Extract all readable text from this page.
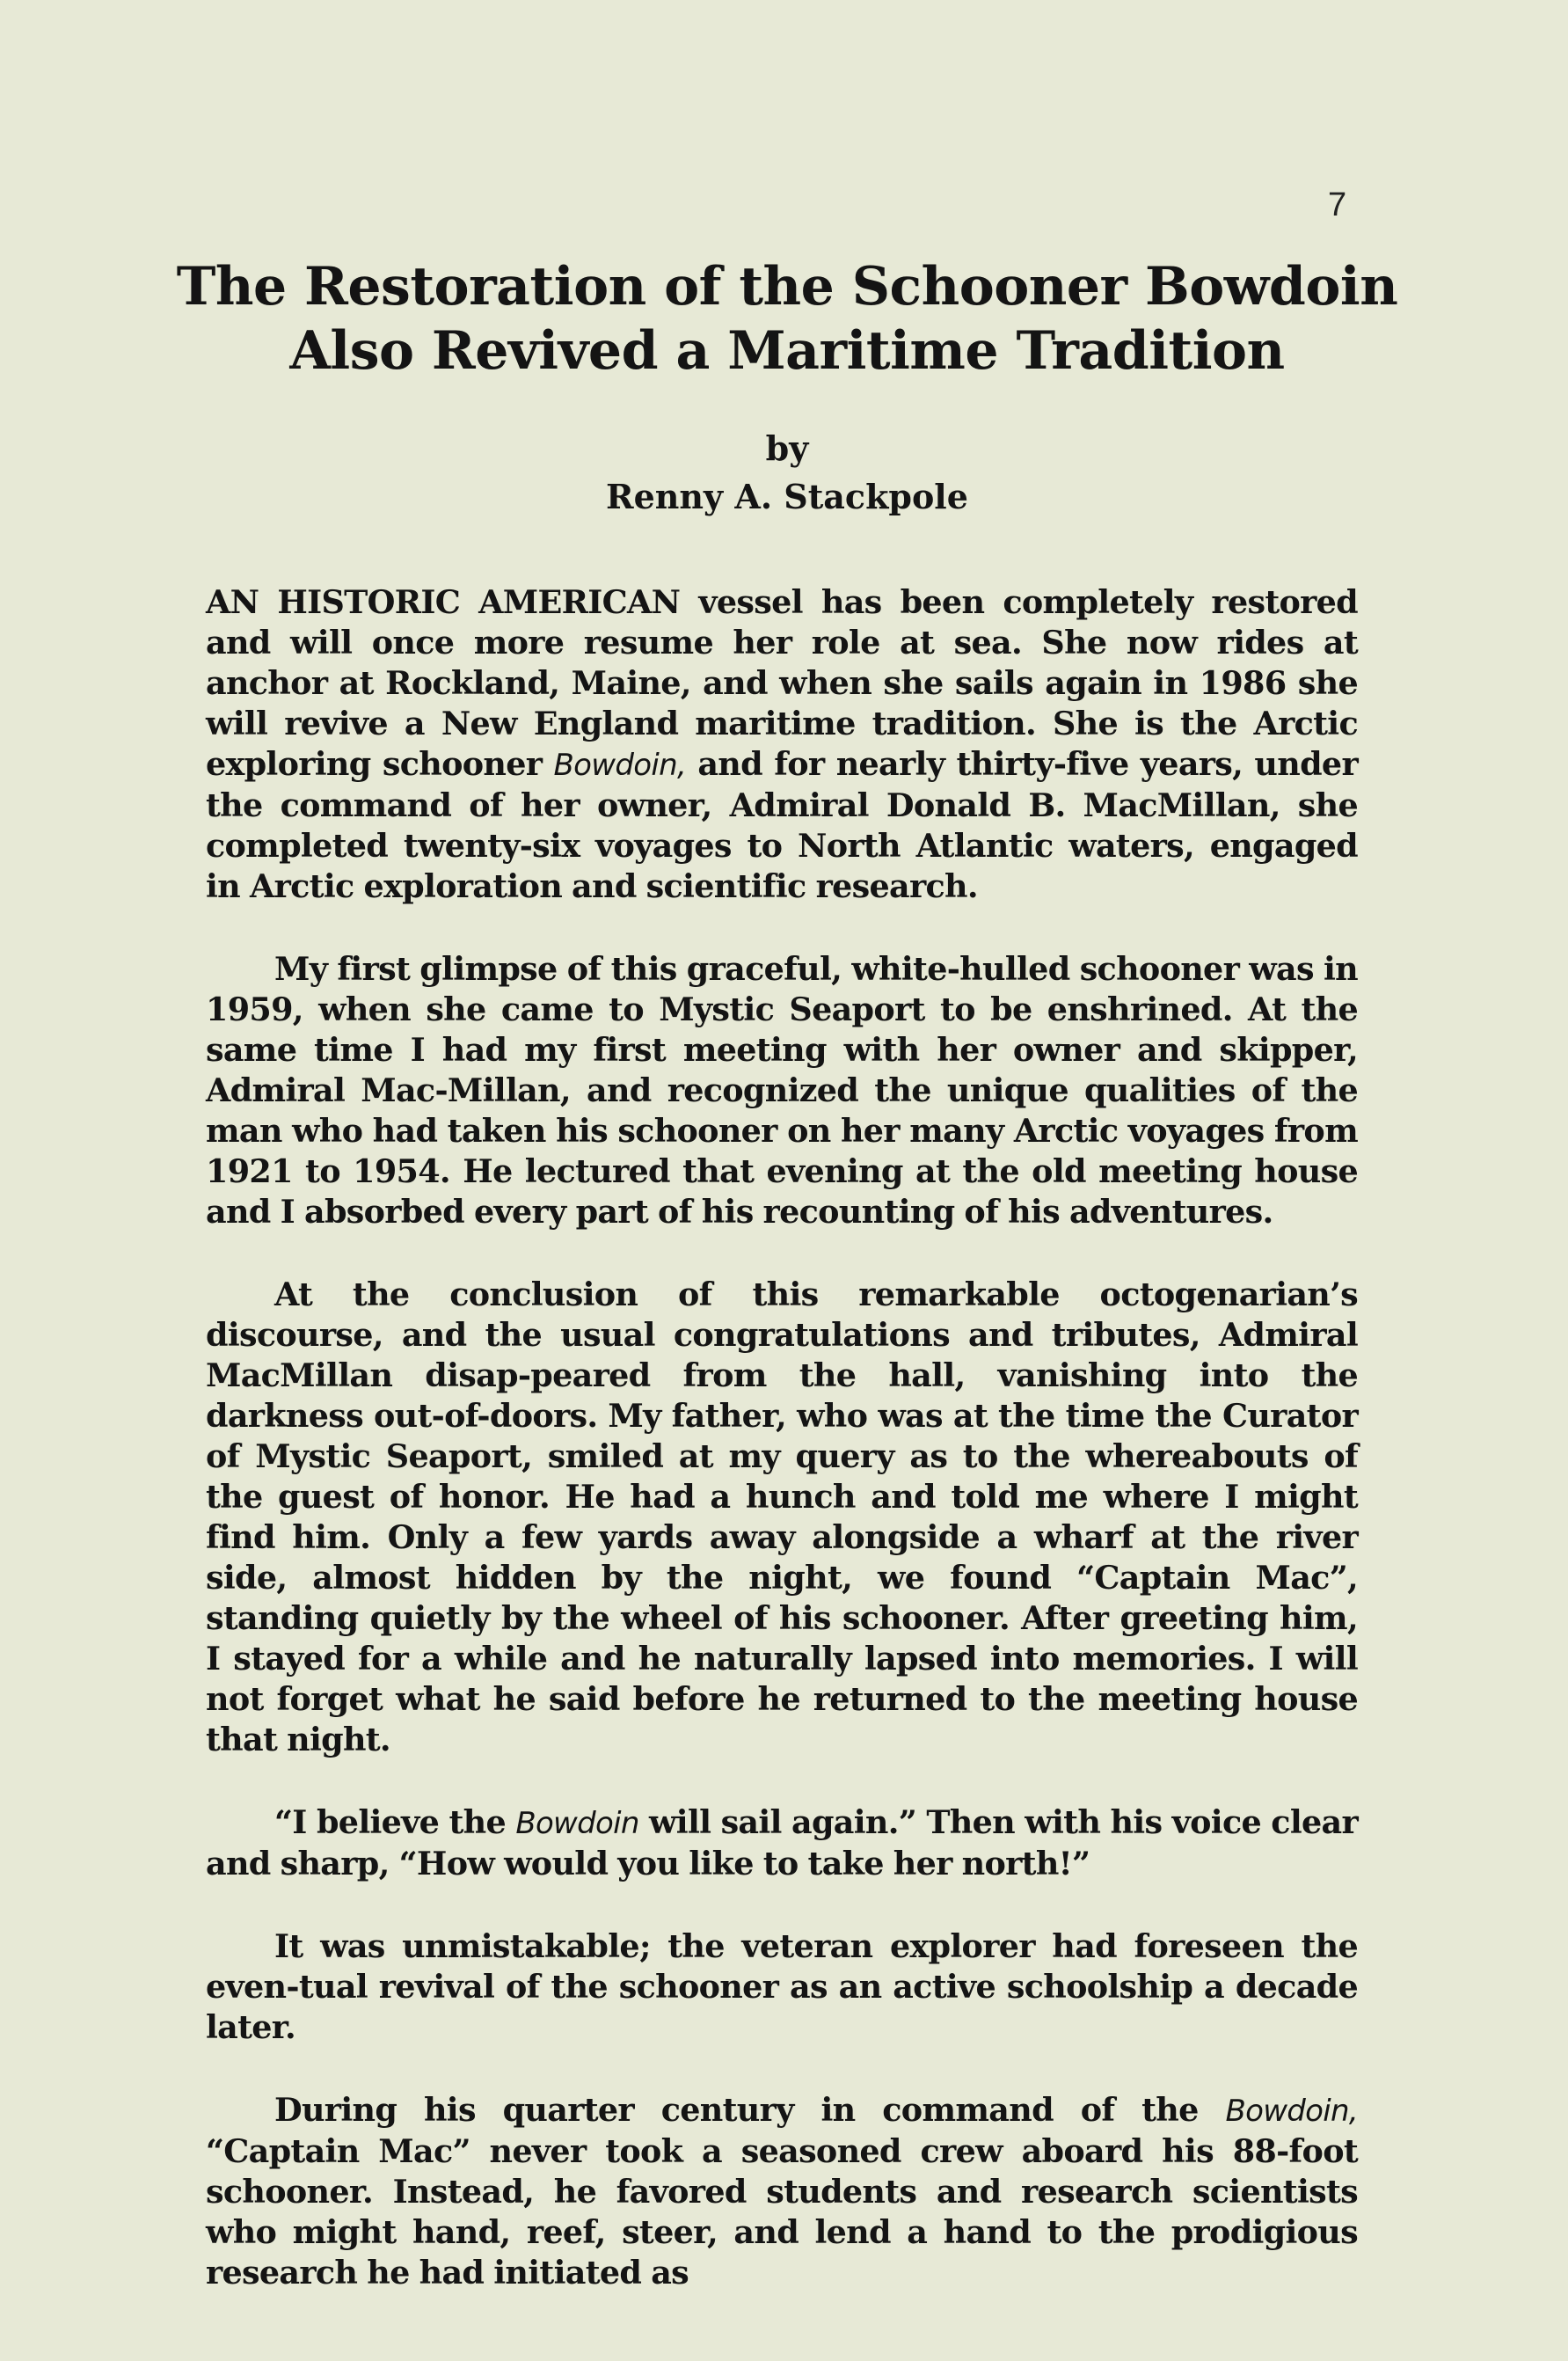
7
The Restoration of the Schooner Bowdoin
Also Revived a Maritime Tradition
by
Renny A. Stackpole

AN HISTORIC AMERICAN vessel has been completely restored and will once more resume her role at sea. She now rides at anchor at Rockland, Maine, and when she sails again in 1986 she will revive a New England maritime tradition. She is the Arctic exploring schooner Bowdoin, and for nearly thirty-five years, under the command of her owner, Admiral Donald B. MacMillan, she completed twenty-six voyages to North Atlantic waters, engaged in Arctic exploration and scientific research.

My first glimpse of this graceful, white-hulled schooner was in 1959, when she came to Mystic Seaport to be enshrined. At the same time I had my first meeting with her owner and skipper, Admiral Mac-Millan, and recognized the unique qualities of the man who had taken his schooner on her many Arctic voyages from 1921 to 1954. He lectured that evening at the old meeting house and I absorbed every part of his recounting of his adventures.

At the conclusion of this remarkable octogenarian’s discourse, and the usual congratulations and tributes, Admiral MacMillan disap-peared from the hall, vanishing into the darkness out-of-doors. My father, who was at the time the Curator of Mystic Seaport, smiled at my query as to the whereabouts of the guest of honor. He had a hunch and told me where I might find him. Only a few yards away alongside a wharf at the river side, almost hidden by the night, we found “Captain Mac”, standing quietly by the wheel of his schooner. After greeting him, I stayed for a while and he naturally lapsed into memories. I will not forget what he said before he returned to the meeting house that night.

“I believe the Bowdoin will sail again.” Then with his voice clear and sharp, “How would you like to take her north!”

It was unmistakable; the veteran explorer had foreseen the even-tual revival of the schooner as an active schoolship a decade later.

During his quarter century in command of the Bowdoin, “Captain Mac” never took a seasoned crew aboard his 88-foot schooner. Instead, he favored students and research scientists who might hand, reef, steer, and lend a hand to the prodigious research he had initiated as
